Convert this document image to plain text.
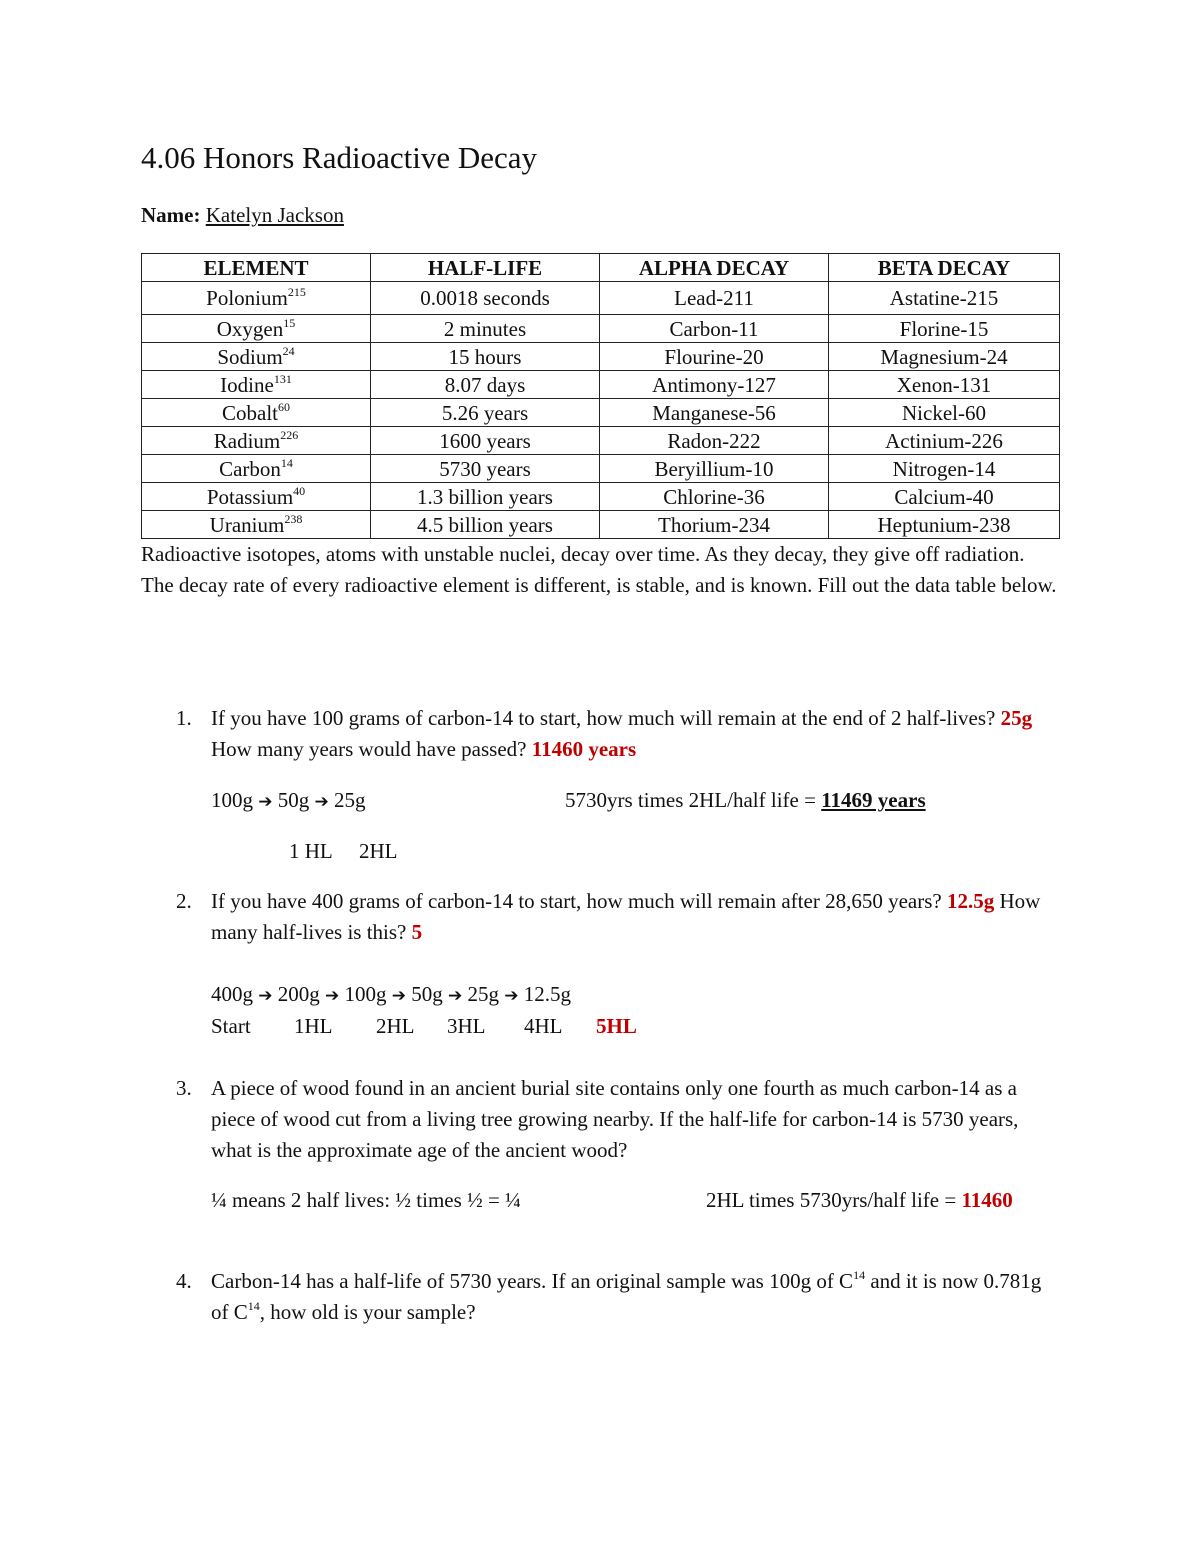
4.06 Honors Radioactive Decay
Name: Katelyn Jackson
ELEMENT	HALF-LIFE	ALPHA DECAY	BETA DECAY
Polonium$^{215}$	0.0018 seconds	Lead-211	Astatine-215
Oxygen$^{15}$	2 minutes	Carbon-11	Florine-15
Sodium$^{24}$	15 hours	Flourine-20	Magnesium-24
Iodine$^{131}$	8.07 days	Antimony-127	Xenon-131
Cobalt$^{60}$	5.26 years	Manganese-56	Nickel-60
Radium$^{226}$	1600 years	Radon-222	Actinium-226
Carbon$^{14}$	5730 years	Beryillium-10	Nitrogen-14
Potassium$^{40}$	1.3 billion years	Chlorine-36	Calcium-40
Uranium$^{238}$	4.5 billion years	Thorium-234	Heptunium-238
Radioactive isotopes, atoms with unstable nuclei, decay over time. As they decay, they give off radiation. The decay rate of every radioactive element is different, is stable, and is known. Fill out the data table below.
1. If you have 100 grams of carbon-14 to start, how much will remain at the end of 2 half-lives? 25g How many years would have passed? 11460 years
100g ➔ 50g ➔ 25g	5730yrs times 2HL/half life = 11469 years
1 HL 2HL
2. If you have 400 grams of carbon-14 to start, how much will remain after 28,650 years? 12.5g How many half-lives is this? 5
400g ➔ 200g ➔ 100g ➔ 50g ➔ 25g ➔ 12.5g
Start 1HL 2HL 3HL 4HL 5HL
3. A piece of wood found in an ancient burial site contains only one fourth as much carbon-14 as a piece of wood cut from a living tree growing nearby. If the half-life for carbon-14 is 5730 years, what is the approximate age of the ancient wood?
¼ means 2 half lives: ½ times ½ = ¼	2HL times 5730yrs/half life = 11460
4. Carbon-14 has a half-life of 5730 years. If an original sample was 100g of $C^{14}$ and it is now 0.781g of $C^{14}$, how old is your sample?
